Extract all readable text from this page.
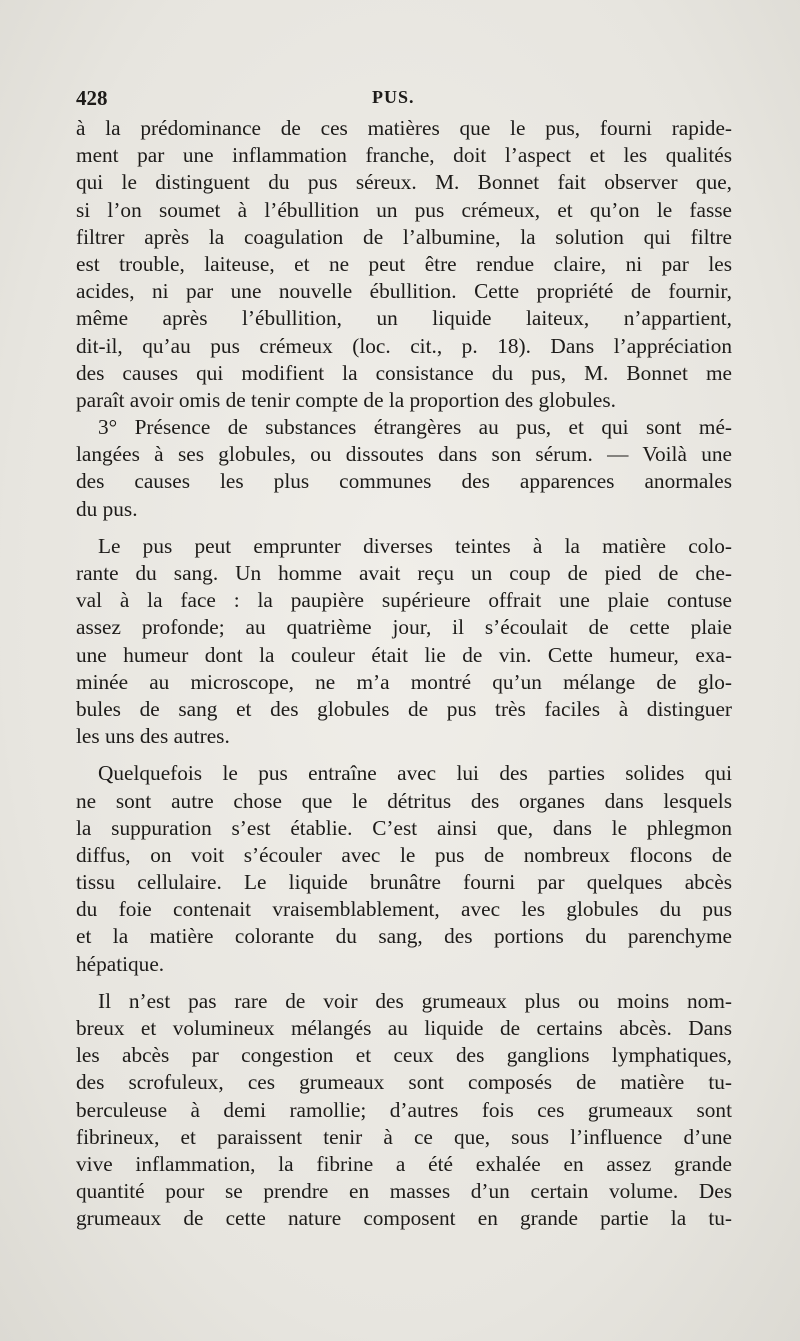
428	PUS.
à la prédominance de ces matières que le pus, fourni rapide-
ment par une inflammation franche, doit l’aspect et les qualités
qui le distinguent du pus séreux. M. Bonnet fait observer que,
si l’on soumet à l’ébullition un pus crémeux, et qu’on le fasse
filtrer après la coagulation de l’albumine, la solution qui filtre
est trouble, laiteuse, et ne peut être rendue claire, ni par les
acides, ni par une nouvelle ébullition. Cette propriété de fournir,
même après l’ébullition, un liquide laiteux, n’appartient,
dit-il, qu’au pus crémeux (loc. cit., p. 18). Dans l’appréciation
des causes qui modifient la consistance du pus, M. Bonnet me
paraît avoir omis de tenir compte de la proportion des globules.
3° Présence de substances étrangères au pus, et qui sont mé-
langées à ses globules, ou dissoutes dans son sérum. — Voilà une
des causes les plus communes des apparences anormales
du pus.
Le pus peut emprunter diverses teintes à la matière colo-
rante du sang. Un homme avait reçu un coup de pied de che-
val à la face : la paupière supérieure offrait une plaie contuse
assez profonde; au quatrième jour, il s’écoulait de cette plaie
une humeur dont la couleur était lie de vin. Cette humeur, exa-
minée au microscope, ne m’a montré qu’un mélange de glo-
bules de sang et des globules de pus très faciles à distinguer
les uns des autres.
Quelquefois le pus entraîne avec lui des parties solides qui
ne sont autre chose que le détritus des organes dans lesquels
la suppuration s’est établie. C’est ainsi que, dans le phlegmon
diffus, on voit s’écouler avec le pus de nombreux flocons de
tissu cellulaire. Le liquide brunâtre fourni par quelques abcès
du foie contenait vraisemblablement, avec les globules du pus
et la matière colorante du sang, des portions du parenchyme
hépatique.
Il n’est pas rare de voir des grumeaux plus ou moins nom-
breux et volumineux mélangés au liquide de certains abcès. Dans
les abcès par congestion et ceux des ganglions lymphatiques,
des scrofuleux, ces grumeaux sont composés de matière tu-
berculeuse à demi ramollie; d’autres fois ces grumeaux sont
fibrineux, et paraissent tenir à ce que, sous l’influence d’une
vive inflammation, la fibrine a été exhalée en assez grande
quantité pour se prendre en masses d’un certain volume. Des
grumeaux de cette nature composent en grande partie la tu-
